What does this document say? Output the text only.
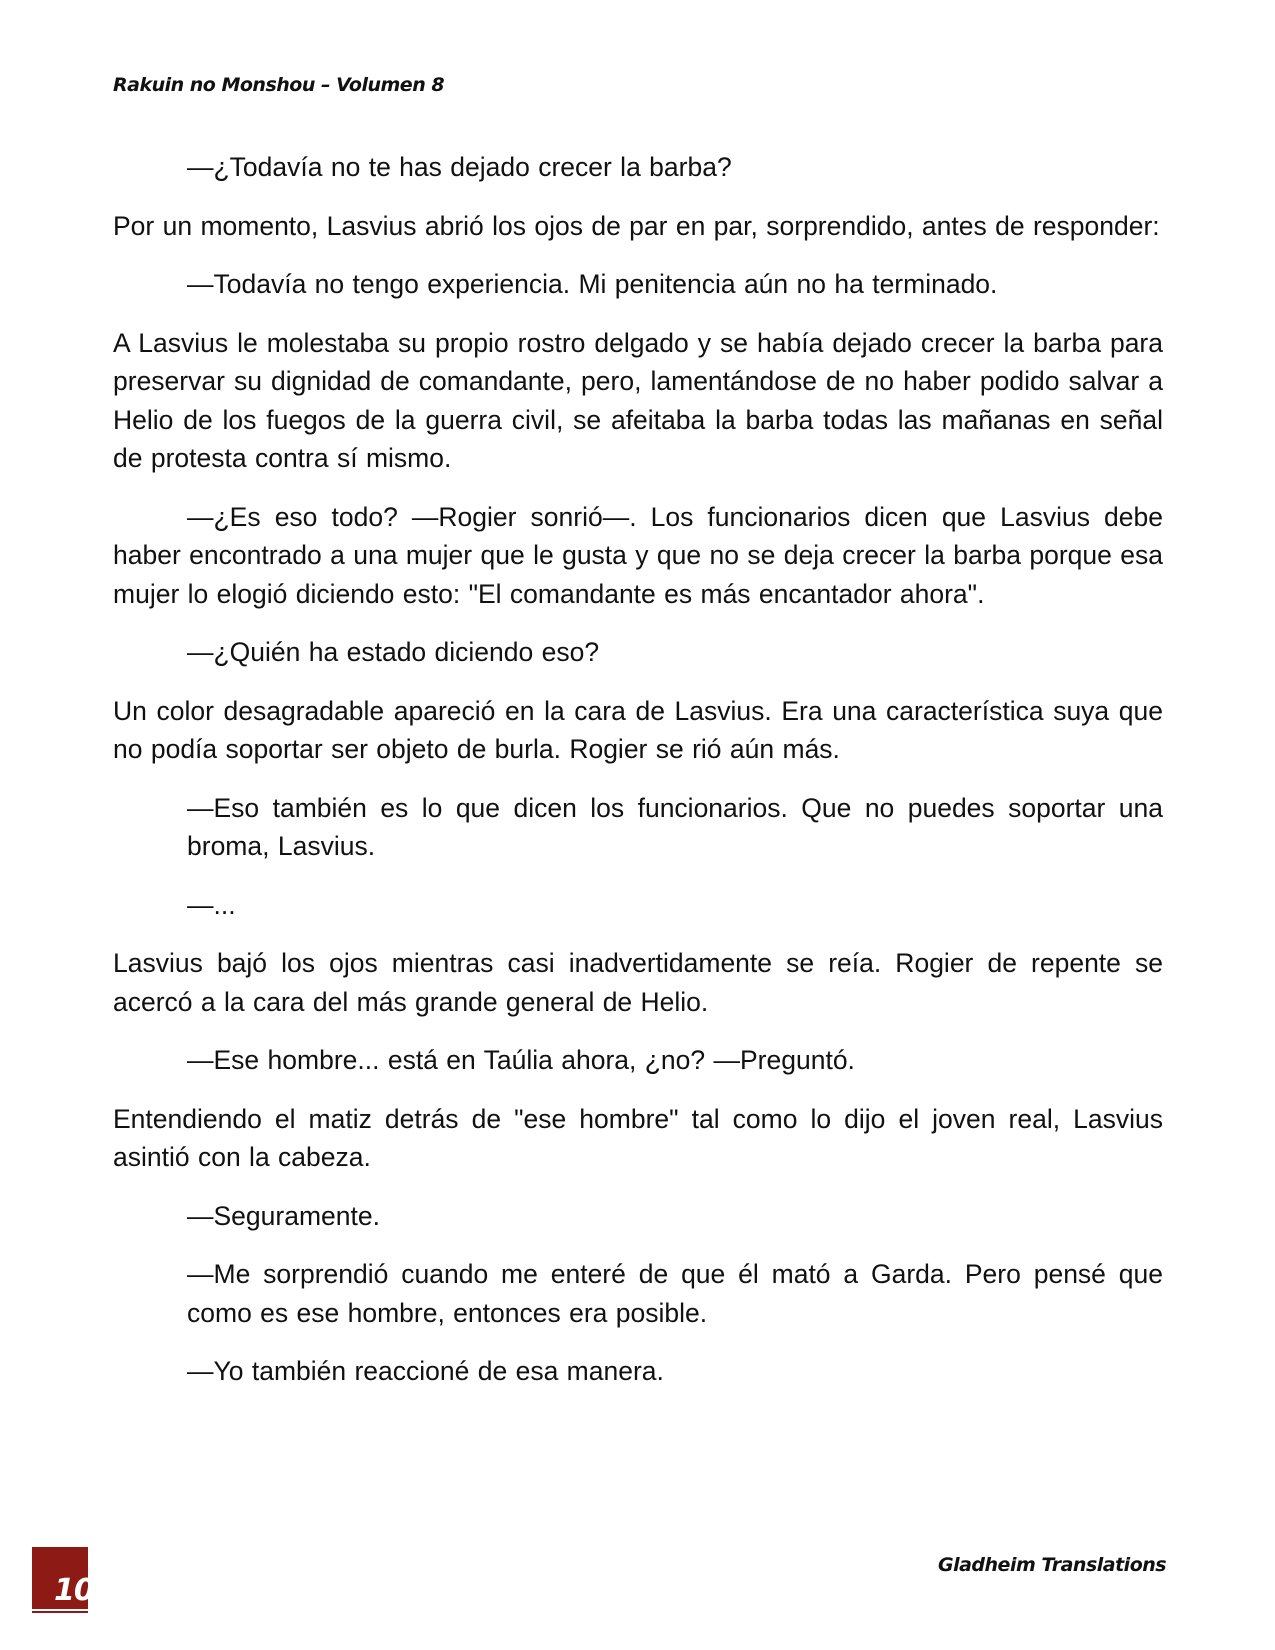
Rakuin no Monshou – Volumen 8

—¿Todavía no te has dejado crecer la barba?

Por un momento, Lasvius abrió los ojos de par en par, sorprendido, antes de responder:

—Todavía no tengo experiencia. Mi penitencia aún no ha terminado.

A Lasvius le molestaba su propio rostro delgado y se había dejado crecer la barba para preservar su dignidad de comandante, pero, lamentándose de no haber podido salvar a Helio de los fuegos de la guerra civil, se afeitaba la barba todas las mañanas en señal de protesta contra sí mismo.

—¿Es eso todo? —Rogier sonrió—. Los funcionarios dicen que Lasvius debe haber encontrado a una mujer que le gusta y que no se deja crecer la barba porque esa mujer lo elogió diciendo esto: "El comandante es más encantador ahora".

—¿Quién ha estado diciendo eso?

Un color desagradable apareció en la cara de Lasvius. Era una característica suya que no podía soportar ser objeto de burla. Rogier se rió aún más.

—Eso también es lo que dicen los funcionarios. Que no puedes soportar una broma, Lasvius.

—...

Lasvius bajó los ojos mientras casi inadvertidamente se reía. Rogier de repente se acercó a la cara del más grande general de Helio.

—Ese hombre... está en Taúlia ahora, ¿no? —Preguntó.

Entendiendo el matiz detrás de "ese hombre" tal como lo dijo el joven real, Lasvius asintió con la cabeza.

—Seguramente.

—Me sorprendió cuando me enteré de que él mató a Garda. Pero pensé que como es ese hombre, entonces era posible.

—Yo también reaccioné de esa manera.

10
Gladheim Translations
